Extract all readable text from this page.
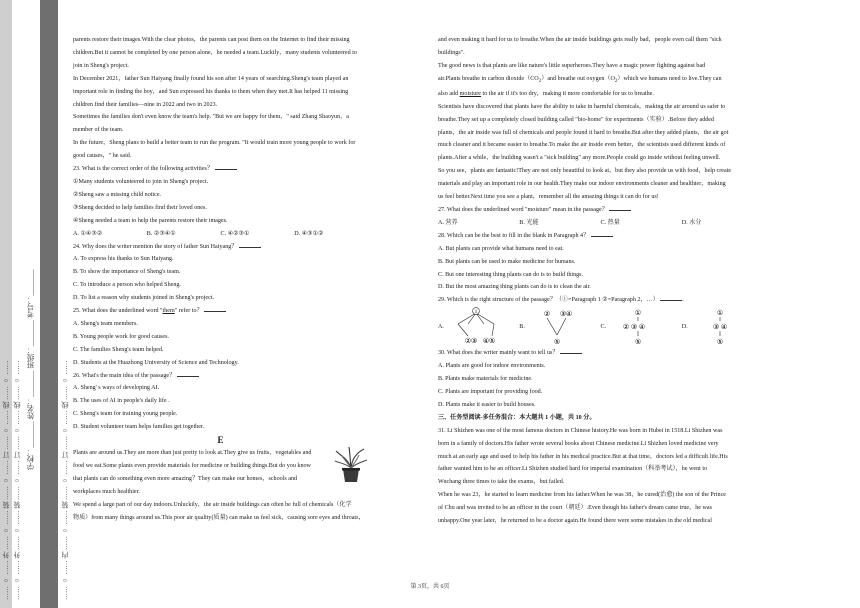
…… ○ …… 外 …… ○ …… 装 …… ○ …… 订 …… ○ …… 线 …… ○ …… …… ○ …… 外 …… ○ …… 装 …… ○ …… 订 …… ○ …… 线 …… ○ …… 学校：_______ 姓名：_______ 班级：_______ 考号：_______	…… ○ …… 内 …… ○ …… 装 …… ○ …… 订 …… ○ …… 线 …… ○ ……

parents restore their images.With the clear photos，the parents can post them on the Internet to find their missing

children.But it cannot be completed by one person alone，he needed a team.Luckily，many students volunteered to

join in Sheng's project.

In December 2021，father Sun Haiyang finally found his son after 14 years of searching.Sheng's team played an

important role in finding the boy，and Sun expressed his thanks to them when they met.It has helped 11 missing

children find their families—nine in 2022 and two in 2023.

Sometimes the families don't even know the team's help. "But we are happy for them，" said Zhang Shaoyun，a

member of the team.

In the future，Sheng plans to build a better team to run the program. "It would train more young people to work for

good causes，" he said.

23. What is the correct order of the following activities？

①Many students volunteered to join in Sheng's project.

②Sheng saw a missing child notice.

③Sheng decided to help families find their loved ones.

④Sheng needed a team to help the parents restore their images.

A. ①④③②	B. ②③④①	C. ④②③①	D. ④③①②

24. Why does the writer mention the story of father Sun Haiyang？

A. To express his thanks to Sun Haiyang.

B. To show the importance of Sheng's team.

C. To introduce a person who helped Sheng.

D. To list a reason why students joined in Sheng's project.

25. What does the underlined word "them" refer to？

A. Sheng's team members.

B. Young people work for good causes.

C. The families Sheng's team helped.

D. Students at the Huazhong University of Science and Technology.

26. What's the main idea of the passage？

A. Sheng' s ways of developing AI.

B. The uses of AI in people's daily life .

C. Sheng's team for training young people.

D. Student volunteer team helps families get together.

E

Plants are around us.They are more than just pretty to look at.They give us fruits，vegetables and

food we eat.Some plants even provide materials for medicine or building things.But do you know

that plants can do something even more amazing？They can make our homes，schools and

workplaces much healthier.

We spend a large part of our day indoors.Unluckily，the air inside buildings can often be full of chemicals（化学

物质）from many things around us.This poor air quality(质量) can make us feel sick，causing sore eyes and throats，

and even making it hard for us to breathe.When the air inside buildings gets really bad，people even call them "sick

buildings".

The good news is that plants are like nature's little superheroes.They have a magic power fighting against bad

air.Plants breathe in carbon $dioxide(CO_2)and$ breathe out $oxygen(O_2)which$ we humans need to live.They can

also add moisture to the air if it's too dry，making it more comfortable for us to breathe.

Scientists have discovered that plants have the ability to take in harmful chemicals，making the air around us safer to

breathe.They set up a completely closed building called "bio-home" for experiments（实验）.Before they added

plants，the air inside was full of chemicals and people found it hard to breathe.But after they added plants，the air got

much cleaner and it became easier to breathe.To make the air inside even better，the scientists used different kinds of

plants.After a while，the building wasn't a "sick building" any more.People could go inside without feeling unwell.

So you see，plants are fantastic!They are not only beautiful to look at，but they also provide us with food，help create

materials and play an important role in our health.They make our indoor environments cleaner and healthier，making

us feel better.Next time you see a plant，remember all the amazing things it can do for us!

27. What does the underlined word "moisture" mean in the passage？

A. 营养	B. 光能	C. 热量	D. 水分

28. Which can be the best to fill in the blank in Paragraph 4？

A. But plants can provide what humans need to eat.

B. But plants can be used to make medicine for humans.

C. But one interesting thing plants can do is to build things.

D. But the most amazing thing plants can do is to clean the air.

29. Which is the right structure of the passage？（①=Paragraph 1 ②=Paragraph 2，…）	.

A.
1
② ③ ④ ⑤
B.
② ③ ④
⑤
C.
①
② ③ ④
⑤
D.
①
③ ④
⑤

30. What does the writer mainly want to tell us？

A. Plants are good for indoor environments.

B. Plants make materials for medicine.

C. Plants are important for providing food.

D. Plants make it easier to build houses.

三、任务型阅读-多任务混合：本大题共 1 小题，共 10 分。

31. Li Shizhen was one of the most famous doctors in Chinese history.He was born in Hubei in 1518.Li Shizhen was

born in a family of doctors.His father wrote several books about Chinese medicine.Li Shizhen loved medicine very

much at an early age and used to help his father in his medical practice.But at that time，doctors led a difficult life.His

father wanted him to be an officer.Li Shizhen studied hard for imperial examination（科举考试），he went to

Wuchang three times to take the exams，but failed.

When he was 23，he started to learn medicine from his father.When he was 38，he cured(治愈) the son of the Prince

of Chu and was invited to be an officer in the court（朝廷）.Even though his father's dream came true，he was

unhappy.One year later，he returned to be a doctor again.He found there were some mistakes in the old medical

第 3页，共 6页
